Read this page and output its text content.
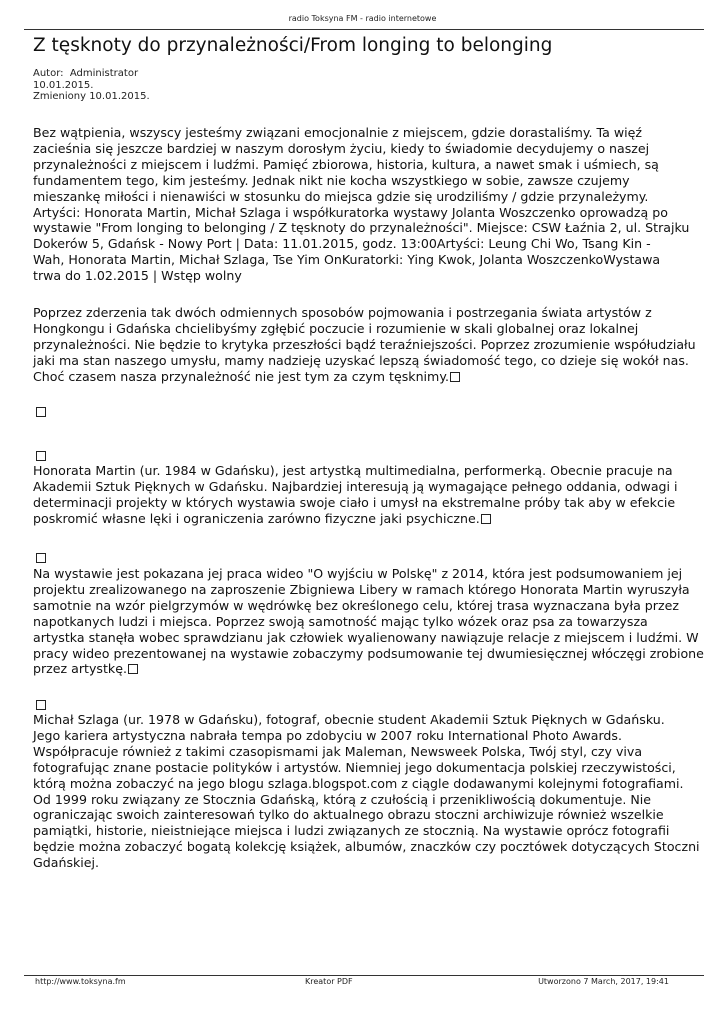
radio Toksyna FM - radio internetowe
Z tęsknoty do przynależności/From longing to belonging
Autor:  Administrator
10.01.2015.
Zmieniony 10.01.2015.
Bez wątpienia, wszyscy jesteśmy związani emocjonalnie z miejscem, gdzie dorastaliśmy. Ta więź
zacieśnia się jeszcze bardziej w naszym dorosłym życiu, kiedy to świadomie decydujemy o naszej
przynależności z miejscem i ludźmi. Pamięć zbiorowa, historia, kultura, a nawet smak i uśmiech, są
fundamentem tego, kim jesteśmy. Jednak nikt nie kocha wszystkiego w sobie, zawsze czujemy
mieszankę miłości i nienawiści w stosunku do miejsca gdzie się urodziliśmy / gdzie przynależymy.
Artyści: Honorata Martin, Michał Szlaga i współkuratorka wystawy Jolanta Woszczenko oprowadzą po
wystawie "From longing to belonging / Z tęsknoty do przynależności". Miejsce: CSW Łaźnia 2, ul. Strajku
Dokerów 5, Gdańsk - Nowy Port | Data: 11.01.2015, godz. 13:00Artyści: Leung Chi Wo, Tsang Kin -
Wah, Honorata Martin, Michał Szlaga, Tse Yim OnKuratorki: Ying Kwok, Jolanta WoszczenkoWystawa
trwa do 1.02.2015 | Wstęp wolny
Poprzez zderzenia tak dwóch odmiennych sposobów pojmowania i postrzegania świata artystów z
Hongkongu i Gdańska chcielibyśmy zgłębić poczucie i rozumienie w skali globalnej oraz lokalnej
przynależności. Nie będzie to krytyka przeszłości bądź teraźniejszości. Poprzez zrozumienie współudziału
jaki ma stan naszego umysłu, mamy nadzieję uzyskać lepszą świadomość tego, co dzieje się wokół nas.
Choć czasem nasza przynależność nie jest tym za czym tęsknimy.
Honorata Martin (ur. 1984 w Gdańsku), jest artystką multimedialna, performerką. Obecnie pracuje na
Akademii Sztuk Pięknych w Gdańsku. Najbardziej interesują ją wymagające pełnego oddania, odwagi i
determinacji projekty w których wystawia swoje ciało i umysł na ekstremalne próby tak aby w efekcie
poskromić własne lęki i ograniczenia zarówno fizyczne jaki psychiczne.
Na wystawie jest pokazana jej praca wideo "O wyjściu w Polskę" z 2014, która jest podsumowaniem jej
projektu zrealizowanego na zaproszenie Zbigniewa Libery w ramach którego Honorata Martin wyruszyła
samotnie na wzór pielgrzymów w wędrówkę bez określonego celu, której trasa wyznaczana była przez
napotkanych ludzi i miejsca. Poprzez swoją samotność mając tylko wózek oraz psa za towarzysza
artystka stanęła wobec sprawdzianu jak człowiek wyalienowany nawiązuje relacje z miejscem i ludźmi. W
pracy wideo prezentowanej na wystawie zobaczymy podsumowanie tej dwumiesięcznej włóczęgi zrobione
przez artystkę.
Michał Szlaga (ur. 1978 w Gdańsku), fotograf, obecnie student Akademii Sztuk Pięknych w Gdańsku.
Jego kariera artystyczna nabrała tempa po zdobyciu w 2007 roku International Photo Awards.
Współpracuje również z takimi czasopismami jak Maleman, Newsweek Polska, Twój styl, czy viva
fotografując znane postacie polityków i artystów. Niemniej jego dokumentacja polskiej rzeczywistości,
którą można zobaczyć na jego blogu szlaga.blogspot.com z ciągle dodawanymi kolejnymi fotografiami.
Od 1999 roku związany ze Stocznia Gdańską, którą z czułością i przenikliwością dokumentuje. Nie
ograniczając swoich zainteresowań tylko do aktualnego obrazu stoczni archiwizuje również wszelkie
pamiątki, historie, nieistniejące miejsca i ludzi związanych ze stocznią. Na wystawie oprócz fotografii
będzie można zobaczyć bogatą kolekcję książek, albumów, znaczków czy pocztówek dotyczących Stoczni
Gdańskiej.
http://www.toksyna.fm	Kreator PDF	Utworzono 7 March, 2017, 19:41
